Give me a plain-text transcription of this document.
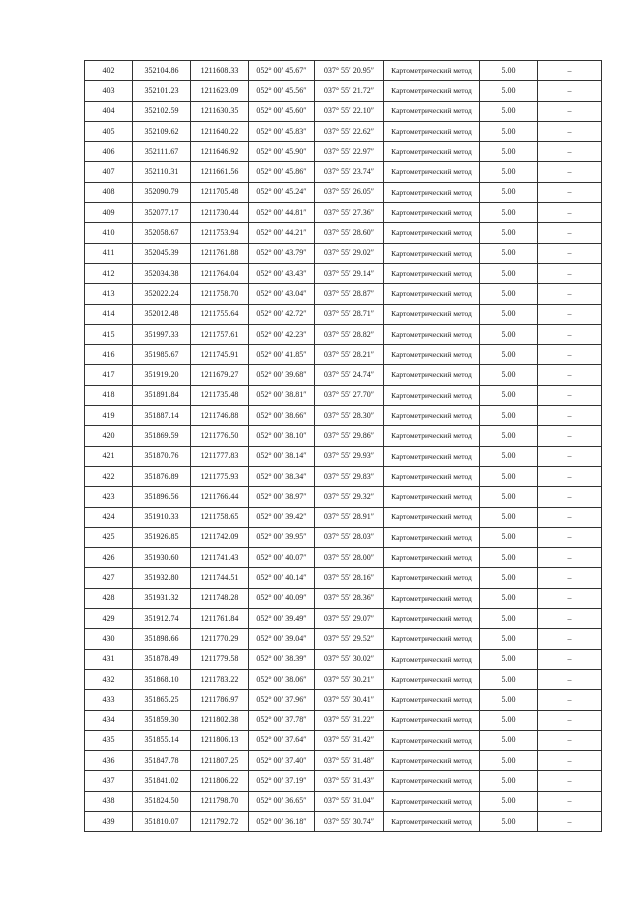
402	352104.86	1211608.33	052° 00′ 45.67″	037° 55′ 20.95″	Картометрический метод	5.00	–
403	352101.23	1211623.09	052° 00′ 45.56″	037° 55′ 21.72″	Картометрический метод	5.00	–
404	352102.59	1211630.35	052° 00′ 45.60″	037° 55′ 22.10″	Картометрический метод	5.00	–
405	352109.62	1211640.22	052° 00′ 45.83″	037° 55′ 22.62″	Картометрический метод	5.00	–
406	352111.67	1211646.92	052° 00′ 45.90″	037° 55′ 22.97″	Картометрический метод	5.00	–
407	352110.31	1211661.56	052° 00′ 45.86″	037° 55′ 23.74″	Картометрический метод	5.00	–
408	352090.79	1211705.48	052° 00′ 45.24″	037° 55′ 26.05″	Картометрический метод	5.00	–
409	352077.17	1211730.44	052° 00′ 44.81″	037° 55′ 27.36″	Картометрический метод	5.00	–
410	352058.67	1211753.94	052° 00′ 44.21″	037° 55′ 28.60″	Картометрический метод	5.00	–
411	352045.39	1211761.88	052° 00′ 43.79″	037° 55′ 29.02″	Картометрический метод	5.00	–
412	352034.38	1211764.04	052° 00′ 43.43″	037° 55′ 29.14″	Картометрический метод	5.00	–
413	352022.24	1211758.70	052° 00′ 43.04″	037° 55′ 28.87″	Картометрический метод	5.00	–
414	352012.48	1211755.64	052° 00′ 42.72″	037° 55′ 28.71″	Картометрический метод	5.00	–
415	351997.33	1211757.61	052° 00′ 42.23″	037° 55′ 28.82″	Картометрический метод	5.00	–
416	351985.67	1211745.91	052° 00′ 41.85″	037° 55′ 28.21″	Картометрический метод	5.00	–
417	351919.20	1211679.27	052° 00′ 39.68″	037° 55′ 24.74″	Картометрический метод	5.00	–
418	351891.84	1211735.48	052° 00′ 38.81″	037° 55′ 27.70″	Картометрический метод	5.00	–
419	351887.14	1211746.88	052° 00′ 38.66″	037° 55′ 28.30″	Картометрический метод	5.00	–
420	351869.59	1211776.50	052° 00′ 38.10″	037° 55′ 29.86″	Картометрический метод	5.00	–
421	351870.76	1211777.83	052° 00′ 38.14″	037° 55′ 29.93″	Картометрический метод	5.00	–
422	351876.89	1211775.93	052° 00′ 38.34″	037° 55′ 29.83″	Картометрический метод	5.00	–
423	351896.56	1211766.44	052° 00′ 38.97″	037° 55′ 29.32″	Картометрический метод	5.00	–
424	351910.33	1211758.65	052° 00′ 39.42″	037° 55′ 28.91″	Картометрический метод	5.00	–
425	351926.85	1211742.09	052° 00′ 39.95″	037° 55′ 28.03″	Картометрический метод	5.00	–
426	351930.60	1211741.43	052° 00′ 40.07″	037° 55′ 28.00″	Картометрический метод	5.00	–
427	351932.80	1211744.51	052° 00′ 40.14″	037° 55′ 28.16″	Картометрический метод	5.00	–
428	351931.32	1211748.28	052° 00′ 40.09″	037° 55′ 28.36″	Картометрический метод	5.00	–
429	351912.74	1211761.84	052° 00′ 39.49″	037° 55′ 29.07″	Картометрический метод	5.00	–
430	351898.66	1211770.29	052° 00′ 39.04″	037° 55′ 29.52″	Картометрический метод	5.00	–
431	351878.49	1211779.58	052° 00′ 38.39″	037° 55′ 30.02″	Картометрический метод	5.00	–
432	351868.10	1211783.22	052° 00′ 38.06″	037° 55′ 30.21″	Картометрический метод	5.00	–
433	351865.25	1211786.97	052° 00′ 37.96″	037° 55′ 30.41″	Картометрический метод	5.00	–
434	351859.30	1211802.38	052° 00′ 37.78″	037° 55′ 31.22″	Картометрический метод	5.00	–
435	351855.14	1211806.13	052° 00′ 37.64″	037° 55′ 31.42″	Картометрический метод	5.00	–
436	351847.78	1211807.25	052° 00′ 37.40″	037° 55′ 31.48″	Картометрический метод	5.00	–
437	351841.02	1211806.22	052° 00′ 37.19″	037° 55′ 31.43″	Картометрический метод	5.00	–
438	351824.50	1211798.70	052° 00′ 36.65″	037° 55′ 31.04″	Картометрический метод	5.00	–
439	351810.07	1211792.72	052° 00′ 36.18″	037° 55′ 30.74″	Картометрический метод	5.00	–
